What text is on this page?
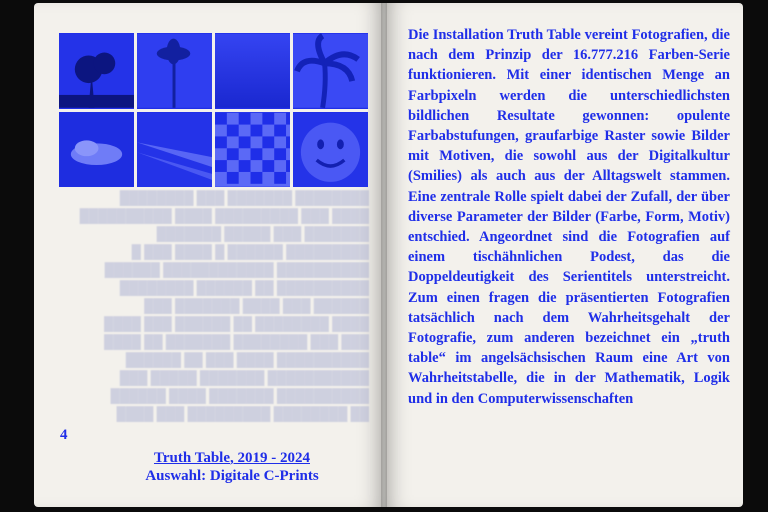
████████ ███████ ███ ████████
████ ███ █████████ ████ ██████████
███████ ███ █████ ███████
█████████ ██████ █ ████ ███ █
██████████ ████████████ ██████
██████████ ██ ██████ ████████
██████ ███ ████ ███████ ███
████ ████████ ██ ██████ ███ ████
███ ███ ████████ ███████ ██ ████
██████████ ████ ███ ██ ██████
███████████ ███████ █████ ███
██████████ ███████ ████ ██████
██ ████████ █████████ ███ ████
4
Truth Table, 2019 - 2024
Auswahl: Digitale C-Prints

Die Installation Truth Table vereint Fotografien, die nach dem Prinzip der 16.777.216 Farben-Serie funktionieren. Mit einer identischen Menge an Farbpixeln werden die unterschiedlichsten bildlichen Resultate gewonnen: opulente Farbabstufungen, graufarbige Raster sowie Bilder mit Motiven, die sowohl aus der Digitalkultur (Smilies) als auch aus der Alltagswelt stammen. Eine zentrale Rolle spielt dabei der Zufall, der über diverse Parameter der Bilder (Farbe, Form, Motiv) entschied. Angeordnet sind die Fotografien auf einem tischähnlichen Podest, das die Doppeldeutigkeit des Serientitels unterstreicht. Zum einen fragen die präsentierten Fotografien tatsächlich nach dem Wahrheitsgehalt der Fotografie, zum anderen bezeichnet ein „truth table“ im angelsächsischen Raum eine Art von Wahrheitstabelle, die in der Mathematik, Logik und in den Computerwissenschaften
